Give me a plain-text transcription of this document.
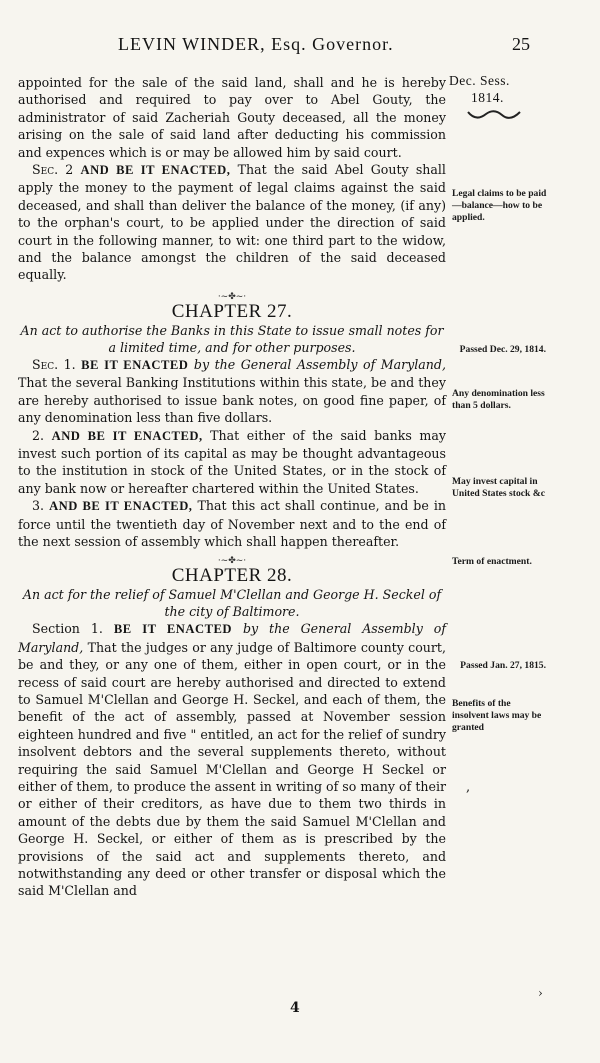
LEVIN WINDER, Esq. Governor.	25
Dec. Sess.
1814.

appointed for the sale of the said land, shall and he is hereby authorised and required to pay over to Abel Gouty, the administrator of said Zacheriah Gouty deceased, all the money arising on the sale of said land after deducting his commission and expences which is or may be allowed him by said court.

Sec. 2 AND BE IT ENACTED, That the said Abel Gouty shall apply the money to the payment of legal claims against the said deceased, and shall than deliver the balance of the money, (if any) to the orphan's court, to be applied under the direction of said court in the following manner, to wit: one third part to the widow, and the balance amongst the children of the said deceased equally.

·~✤~·

CHAPTER 27.

An act to authorise the Banks in this State to issue small notes for a limited time, and for other purposes.

Sec. 1. BE IT ENACTED by the General Assembly of Maryland, That the several Banking Institutions within this state, be and they are hereby authorised to issue bank notes, on good fine paper, of any denomination less than five dollars.

2. AND BE IT ENACTED, That either of the said banks may invest such portion of its capital as may be thought advantageous to the institution in stock of the United States, or in the stock of any bank now or hereafter chartered within the United States.

3. AND BE IT ENACTED, That this act shall continue, and be in force until the twentieth day of November next and to the end of the next session of assembly which shall happen thereafter.

·~✤~·

CHAPTER 28.

An act for the relief of Samuel M'Clellan and George H. Seckel of the city of Baltimore.

Section 1. BE IT ENACTED by the General Assembly of Maryland, That the judges or any judge of Baltimore county court, be and they, or any one of them, either in open court, or in the recess of said court are hereby authorised and directed to extend to Samuel M'Clellan and George H. Seckel, and each of them, the benefit of the act of assembly, passed at November session eighteen hundred and five " entitled, an act for the relief of sundry insolvent debtors and the several supplements thereto, without requiring the said Samuel M'Clellan and George H Seckel or either of them, to produce the assent in writing of so many of their or either of their creditors, as have due to them two thirds in amount of the debts due by them the said Samuel M'Clellan and George H. Seckel, or either of them as is prescribed by the provisions of the said act and supplements thereto, and notwithstanding any deed or other transfer or disposal which the said M'Clellan and

Legal claims to be paid—balance—how to be applied.
Passed Dec. 29, 1814.
Any denomination less than 5 dollars.
May invest capital in United States stock &c
Term of enactment.
Passed Jan. 27, 1815.
Benefits of the insolvent laws may be granted
,
›
4
